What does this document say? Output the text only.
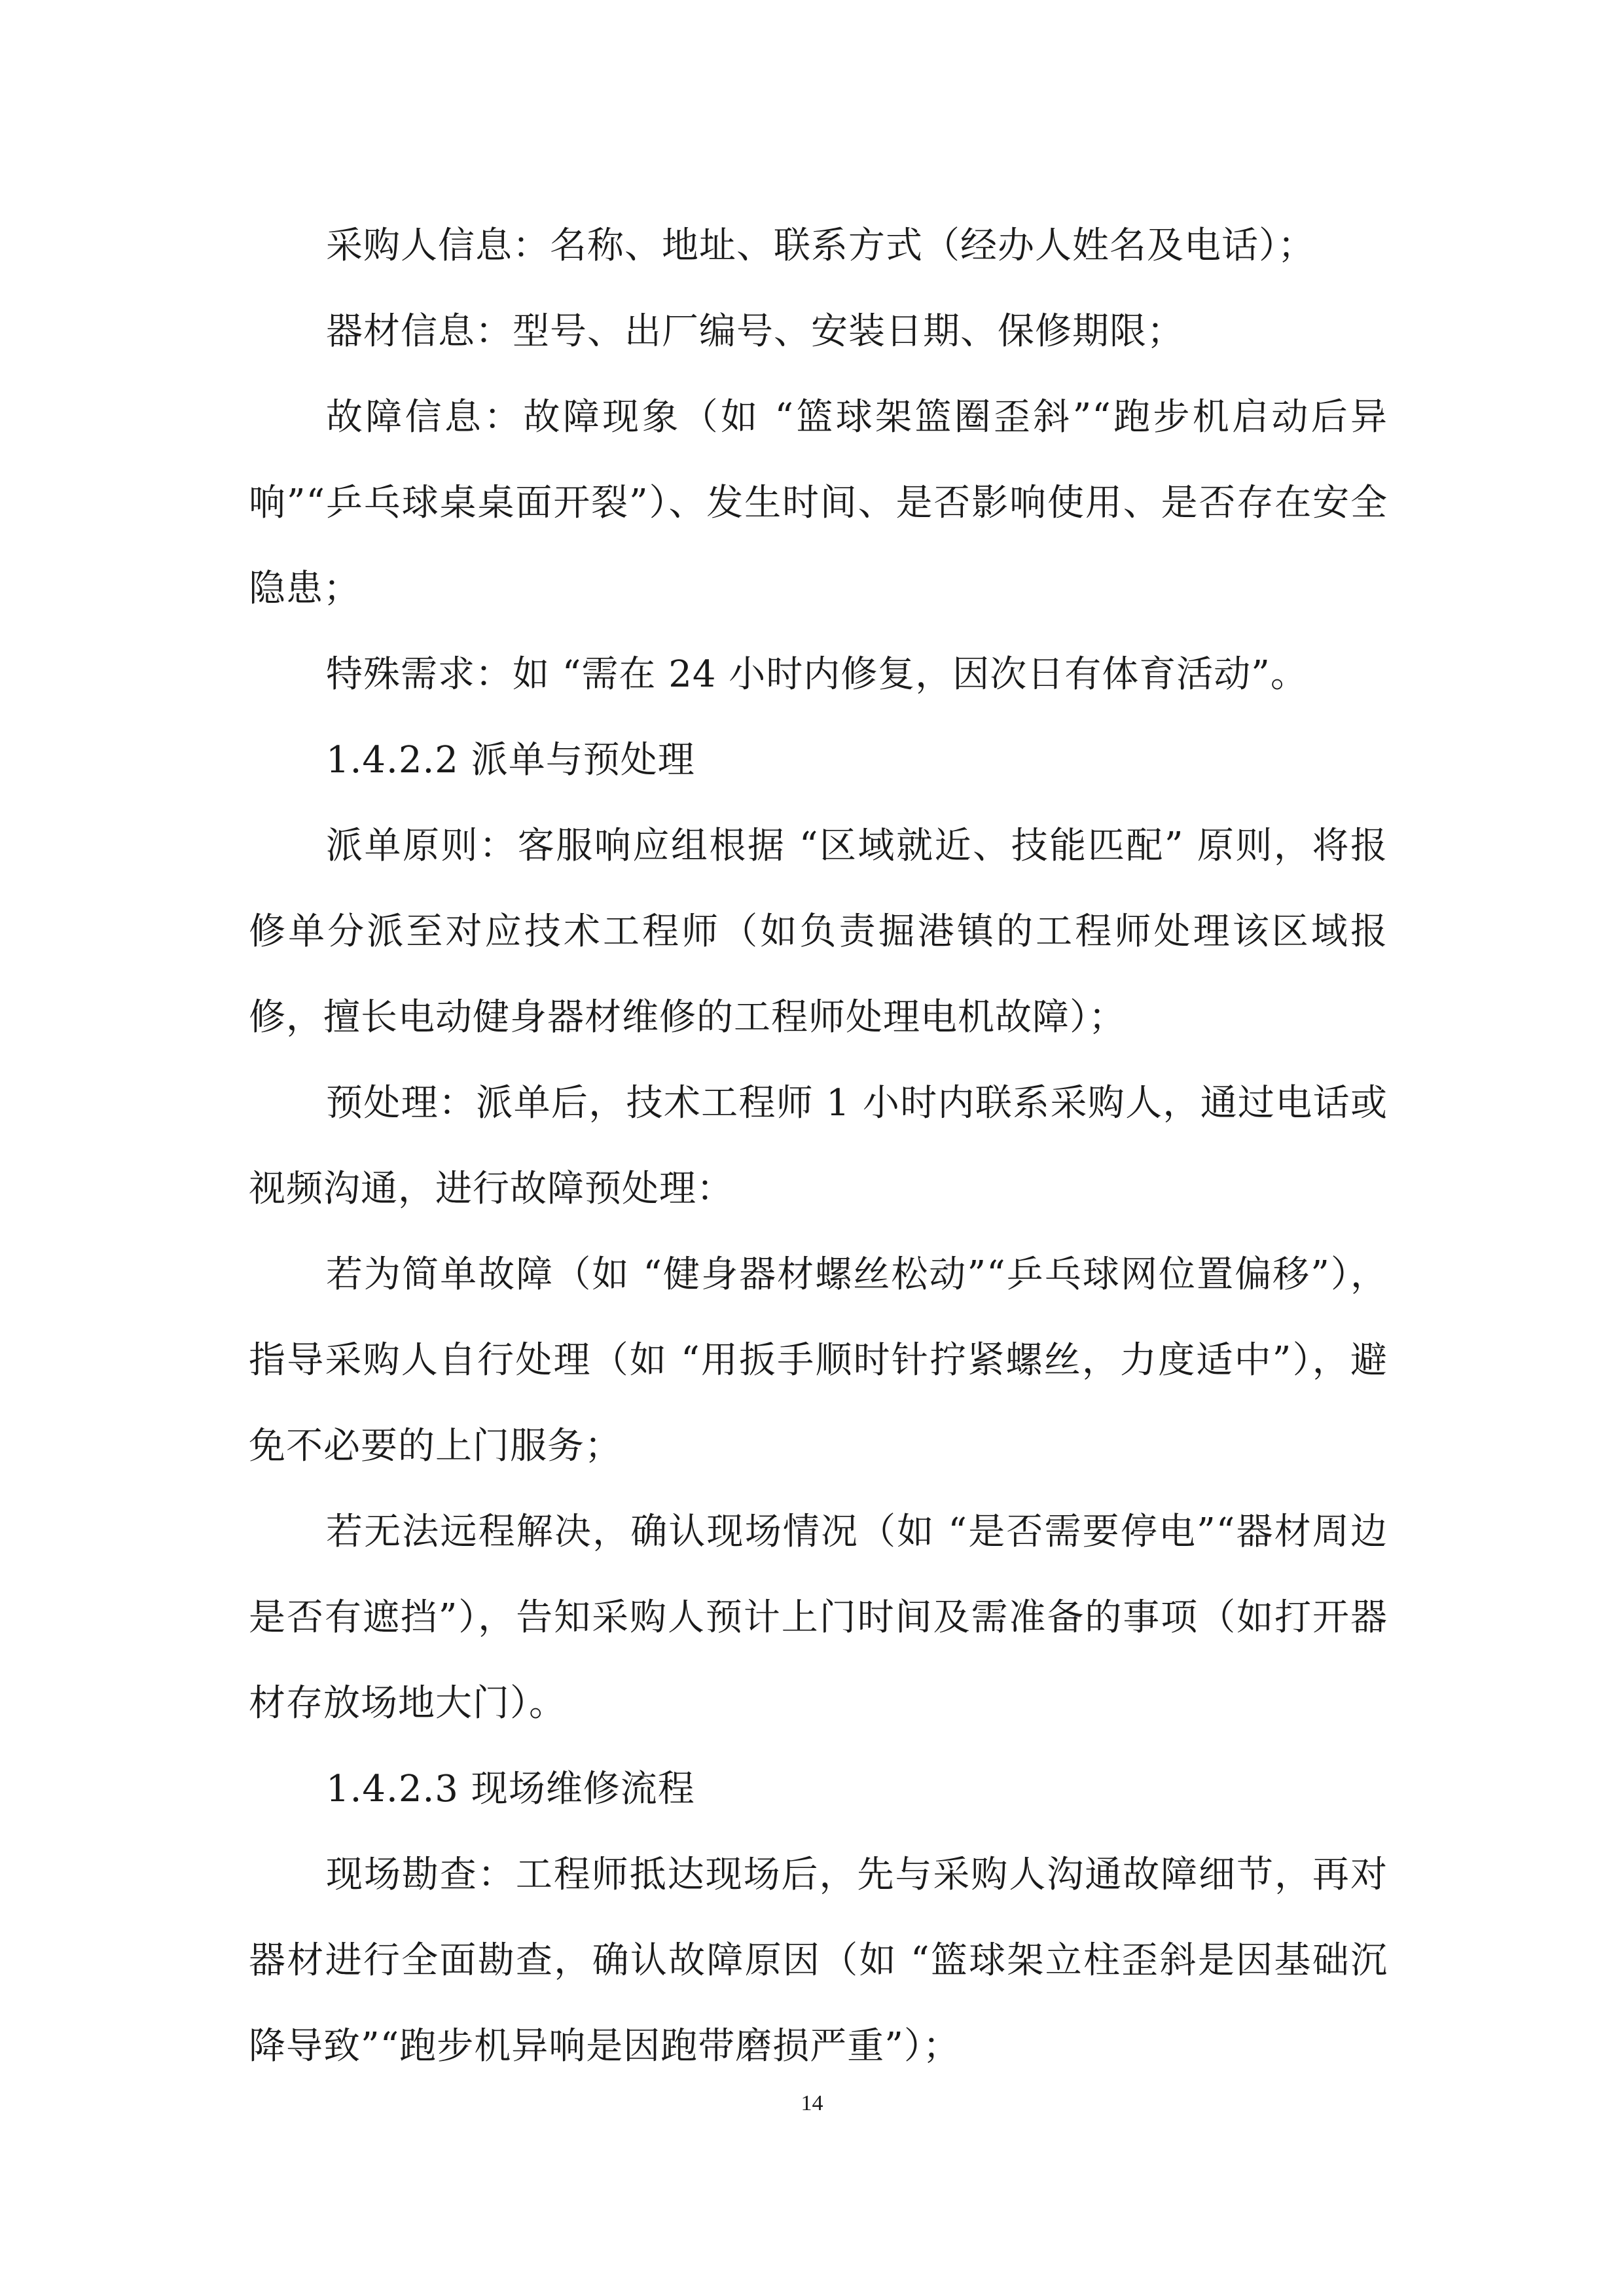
采购人信息：名称、地址、联系方式（经办人姓名及电话）；

器材信息：型号、出厂编号、安装日期、保修期限；

故障信息：故障现象（如 “篮球架篮圈歪斜”“跑步机启动后异响”“乒乓球桌桌面开裂”）、发生时间、是否影响使用、是否存在安全隐患；

特殊需求：如 “需在 24 小时内修复，因次日有体育活动”。

1.4.2.2 派单与预处理

派单原则：客服响应组根据 “区域就近、技能匹配” 原则，将报修单分派至对应技术工程师（如负责掘港镇的工程师处理该区域报修，擅长电动健身器材维修的工程师处理电机故障）；

预处理：派单后，技术工程师 1 小时内联系采购人，通过电话或视频沟通，进行故障预处理：

若为简单故障（如 “健身器材螺丝松动”“乒乓球网位置偏移”），指导采购人自行处理（如 “用扳手顺时针拧紧螺丝，力度适中”），避免不必要的上门服务；

若无法远程解决，确认现场情况（如 “是否需要停电”“器材周边是否有遮挡”），告知采购人预计上门时间及需准备的事项（如打开器材存放场地大门）。

1.4.2.3 现场维修流程

现场勘查：工程师抵达现场后，先与采购人沟通故障细节，再对器材进行全面勘查，确认故障原因（如 “篮球架立柱歪斜是因基础沉降导致”“跑步机异响是因跑带磨损严重”）；

14
